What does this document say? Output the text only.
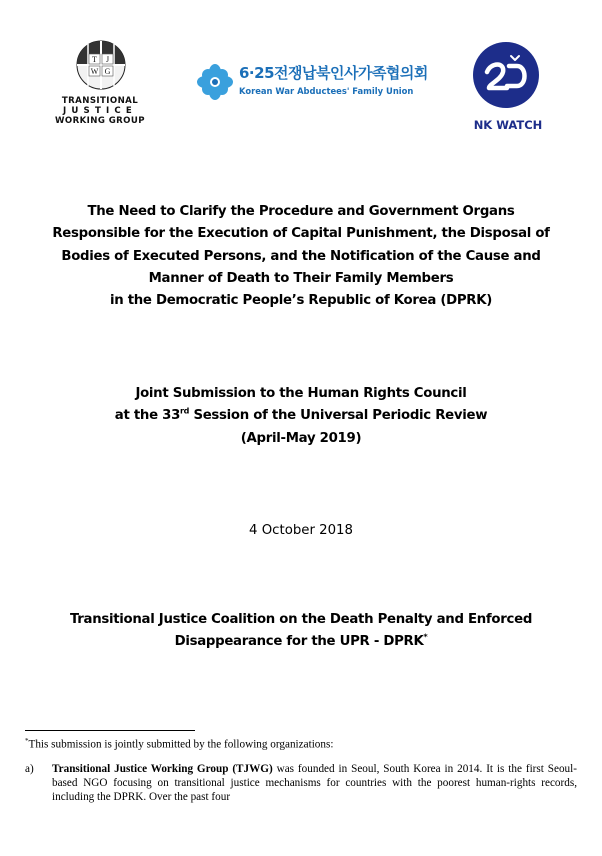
T J
W G
TRANSITIONAL
JUSTICE
WORKING GROUP
6·25전쟁납북인사가족협의회
Korean War Abductees' Family Union
NK WATCH
The Need to Clarify the Procedure and Government Organs
Responsible for the Execution of Capital Punishment, the Disposal of
Bodies of Executed Persons, and the Notification of the Cause and
Manner of Death to Their Family Members
in the Democratic People’s Republic of Korea (DPRK)
Joint Submission to the Human Rights Council
at the 33rd Session of the Universal Periodic Review
(April-May 2019)
4 October 2018
Transitional Justice Coalition on the Death Penalty and Enforced
Disappearance for the UPR - DPRK*
*This submission is jointly submitted by the following organizations:
a) Transitional Justice Working Group (TJWG) was founded in Seoul, South Korea in 2014. It is the first Seoul-based NGO focusing on transitional justice mechanisms for countries with the poorest human-rights records, including the DPRK. Over the past four
